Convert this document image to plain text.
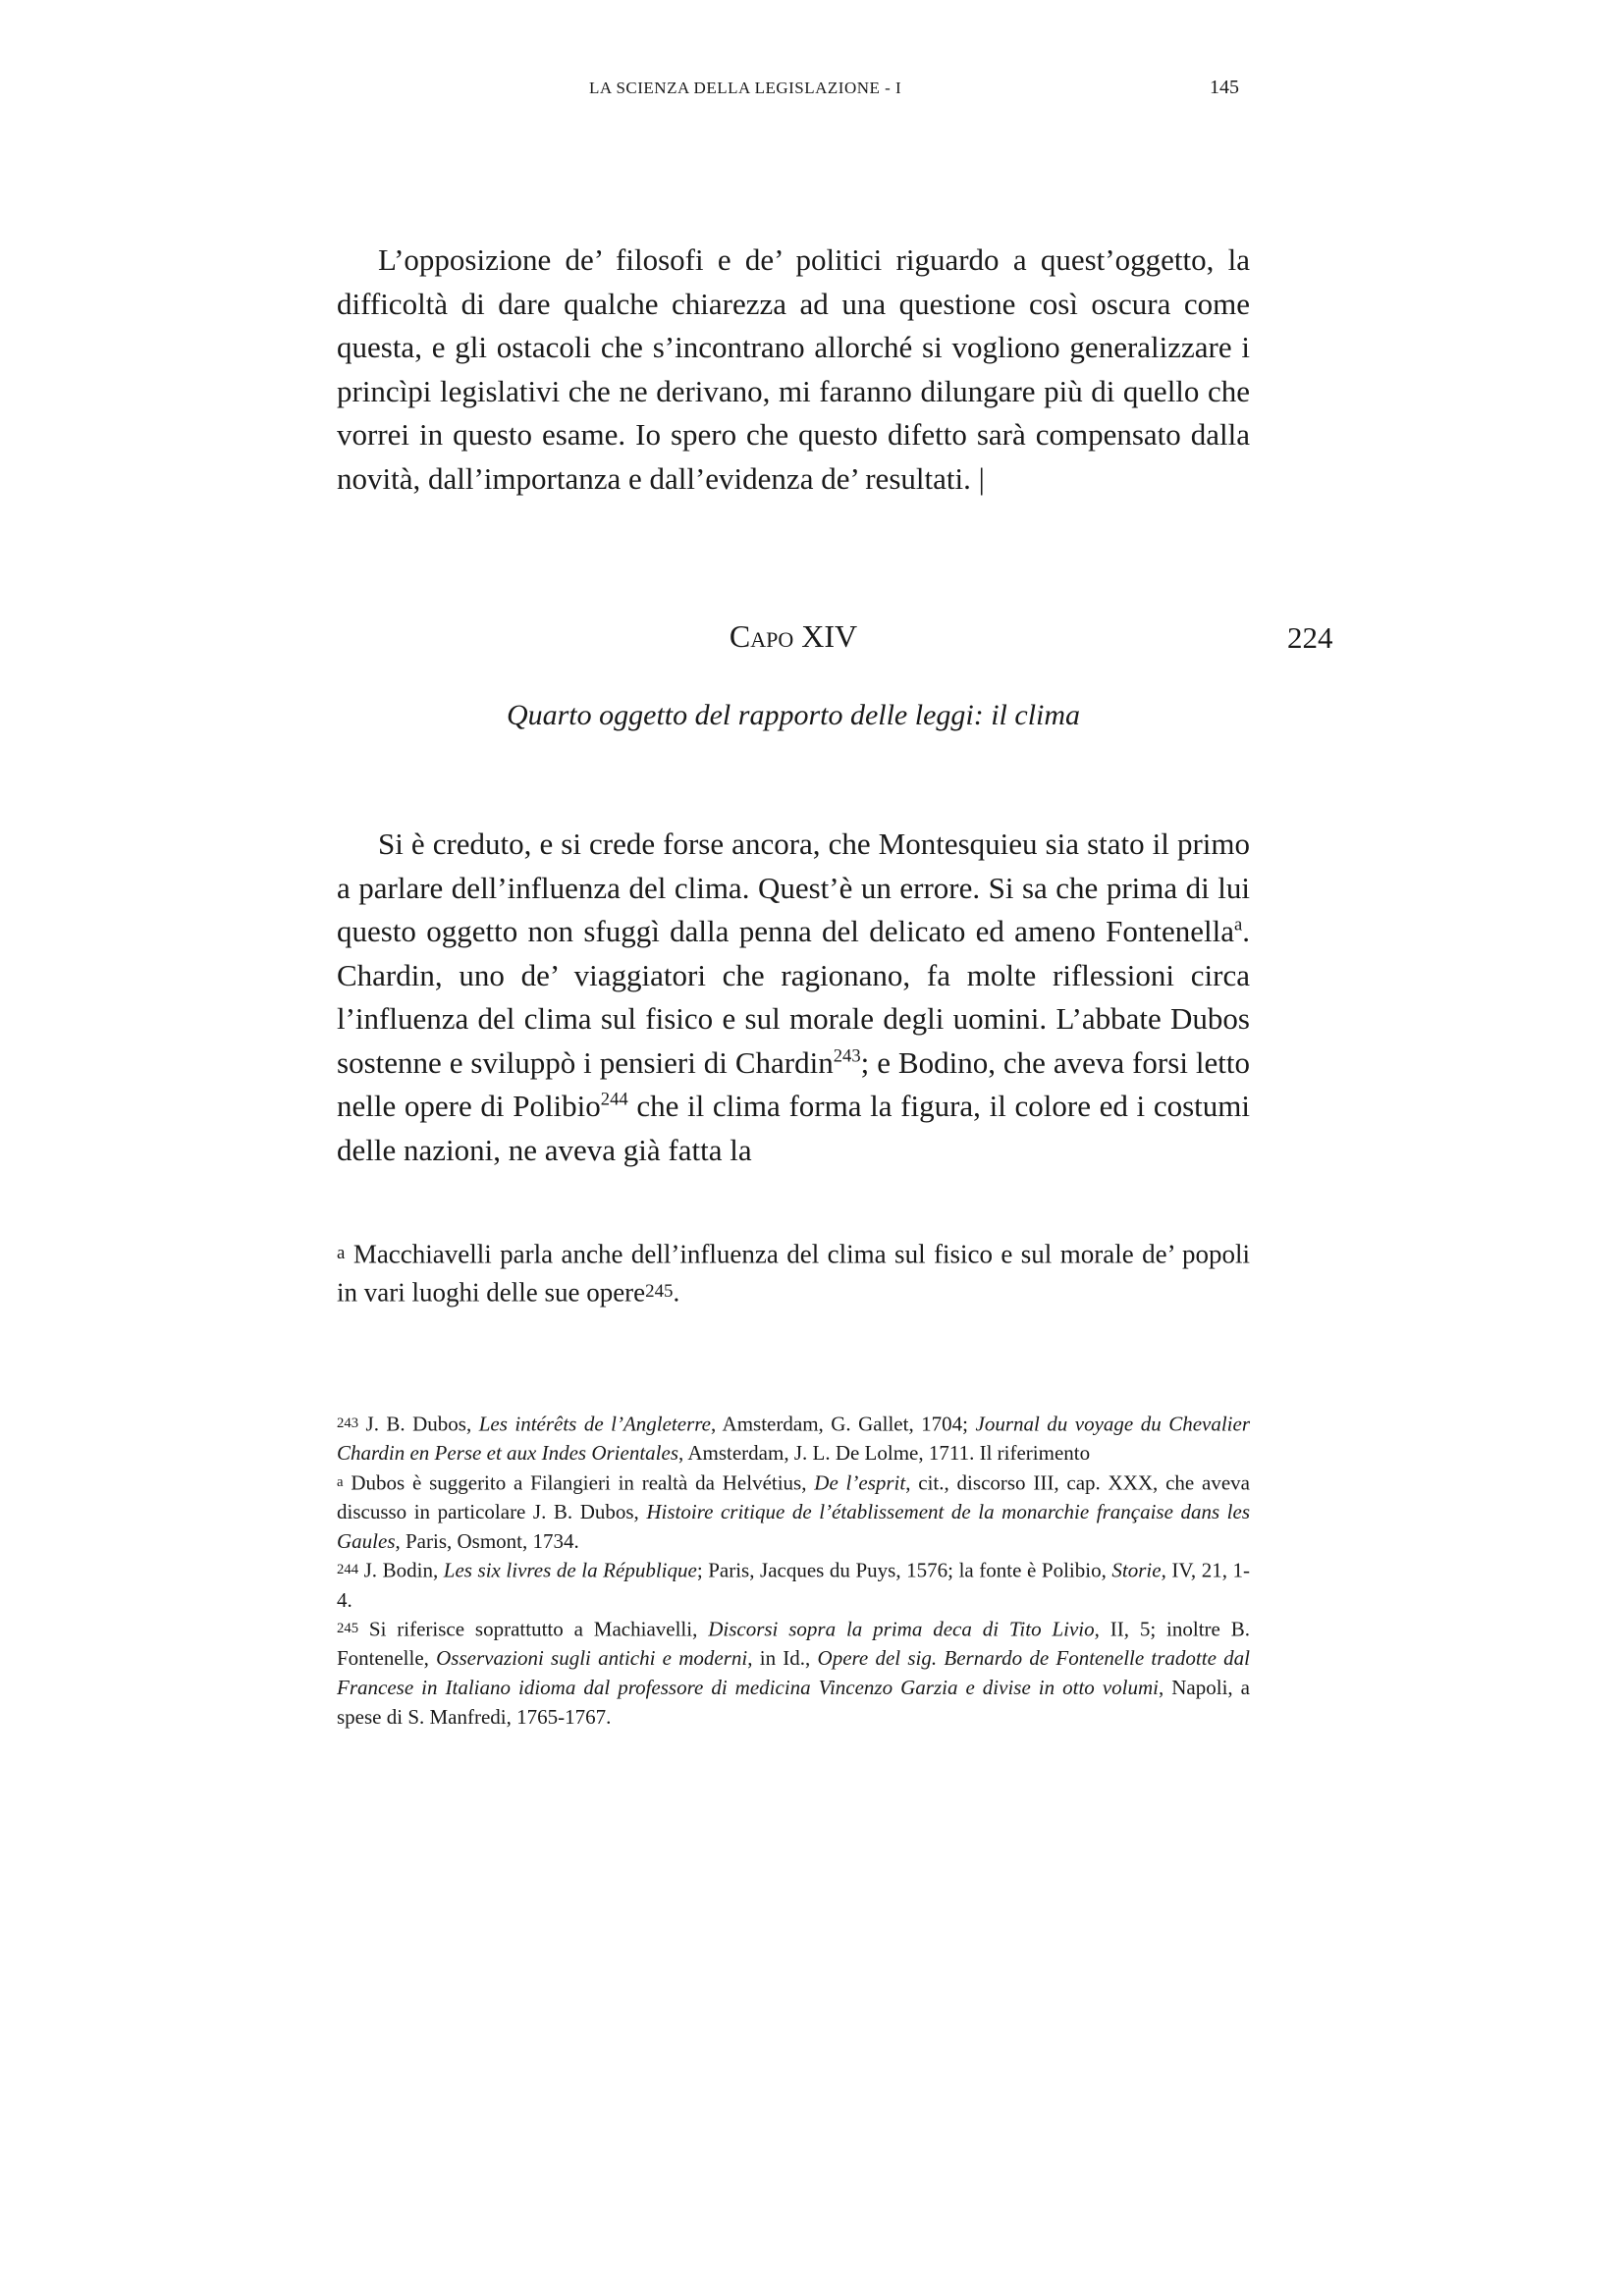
LA SCIENZA DELLA LEGISLAZIONE - I	145

L’opposizione de’ filosofi e de’ politici riguardo a quest’oggetto, la difficoltà di dare qualche chiarezza ad una questione così oscura come questa, e gli ostacoli che s’incontrano allorché si vogliono generalizzare i princìpi legislativi che ne derivano, mi faranno dilungare più di quello che vorrei in questo esame. Io spero che questo difetto sarà compensato dalla novità, dall’importanza e dall’evidenza de’ resultati. |

Capo XIV	224

Quarto oggetto del rapporto delle leggi: il clima

Si è creduto, e si crede forse ancora, che Montesquieu sia stato il primo a parlare dell’influenza del clima. Quest’è un errore. Si sa che prima di lui questo oggetto non sfuggì dalla penna del delicato ed ameno Fontenella$^a$. Chardin, uno de’ viaggiatori che ragionano, fa molte riflessioni circa l’influenza del clima sul fisico e sul morale degli uomini. L’abbate Dubos sostenne e sviluppò i pensieri di Chardin$^{243}$; e Bodino, che aveva forsi letto nelle opere di Polibio$^{244}$ che il clima forma la figura, il colore ed i costumi delle nazioni, ne aveva già fatta la

a Macchiavelli parla anche dell’influenza del clima sul fisico e sul morale de’ popoli in vari luoghi delle sue opere245.

243 J. B. Dubos, Les intérêts de l’Angleterre, Amsterdam, G. Gallet, 1704; Journal du voyage du Chevalier Chardin en Perse et aux Indes Orientales, Amsterdam, J. L. De Lolme, 1711. Il riferimento

a Dubos è suggerito a Filangieri in realtà da Helvétius, De l’esprit, cit., discorso III, cap. XXX, che aveva discusso in particolare J. B. Dubos, Histoire critique de l’établissement de la monarchie française dans les Gaules, Paris, Osmont, 1734.

244 J. Bodin, Les six livres de la République; Paris, Jacques du Puys, 1576; la fonte è Polibio, Storie, IV, 21, 1-4.

245 Si riferisce soprattutto a Machiavelli, Discorsi sopra la prima deca di Tito Livio, II, 5; inoltre B. Fontenelle, Osservazioni sugli antichi e moderni, in Id., Opere del sig. Bernardo de Fontenelle tradotte dal Francese in Italiano idioma dal professore di medicina Vincenzo Garzia e divise in otto volumi, Napoli, a spese di S. Manfredi, 1765-1767.
